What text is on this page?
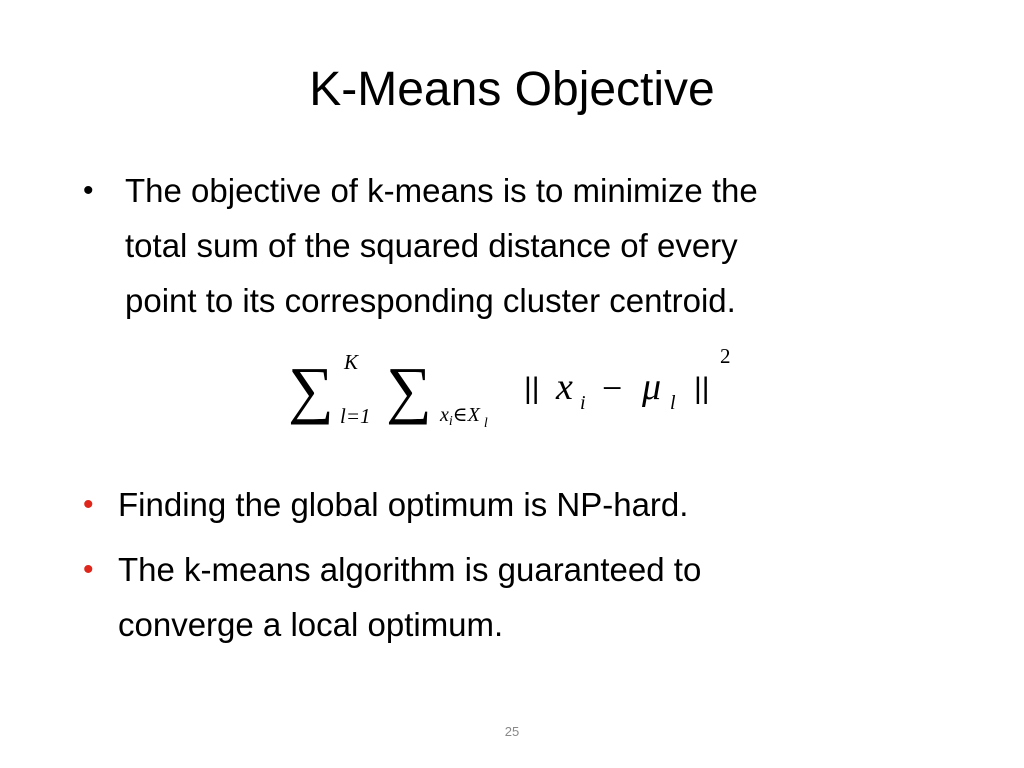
K-Means Objective
• The objective of k-means is to minimize the
total sum of the squared distance of every
point to its corresponding cluster centroid.
∑ K
l=1 ∑ xi∈X l
|| x i − μ l ||
2
• Finding the global optimum is NP-hard.
• The k-means algorithm is guaranteed to
converge a local optimum.
25
